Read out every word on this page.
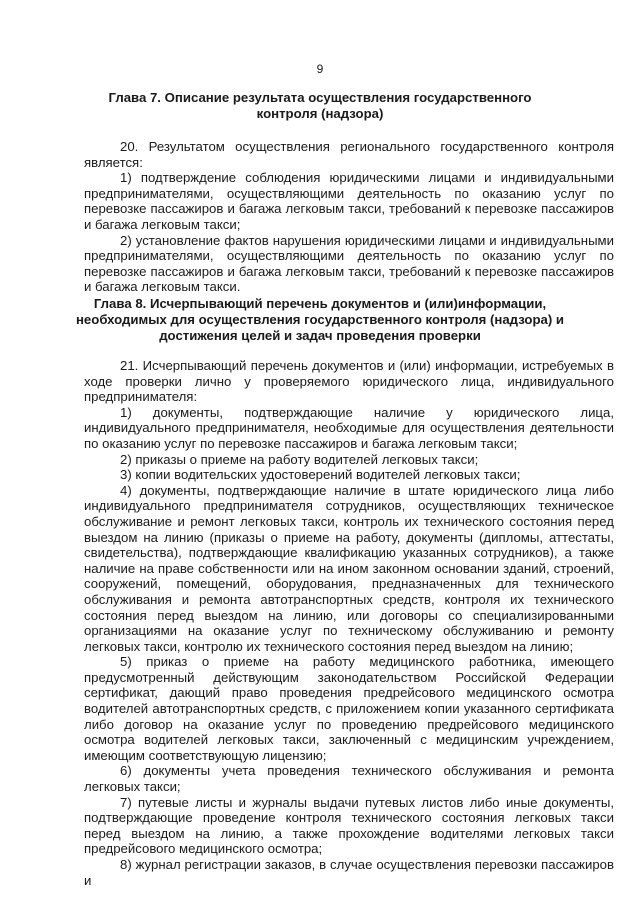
9
Глава 7. Описание результата осуществления государственного
контроля (надзора)

20. Результатом осуществления регионального государственного контроля является:

1) подтверждение соблюдения юридическими лицами и индивидуальными предпринимателями, осуществляющими деятельность по оказанию услуг по перевозке пассажиров и багажа легковым такси, требований к перевозке пассажиров и багажа легковым такси;

2) установление фактов нарушения юридическими лицами и индивидуальными предпринимателями, осуществляющими деятельность по оказанию услуг по перевозке пассажиров и багажа легковым такси, требований к перевозке пассажиров и багажа легковым такси.

Глава 8. Исчерпывающий перечень документов и (или)информации,
необходимых для осуществления государственного контроля (надзора) и
достижения целей и задач проведения проверки

21. Исчерпывающий перечень документов и (или) информации, истребуемых в ходе проверки лично у проверяемого юридического лица, индивидуального предпринимателя:

1) документы, подтверждающие наличие у юридического лица, индивидуального предпринимателя, необходимые для осуществления деятельности по оказанию услуг по перевозке пассажиров и багажа легковым такси;

2) приказы о приеме на работу водителей легковых такси;

3) копии водительских удостоверений водителей легковых такси;

4) документы, подтверждающие наличие в штате юридического лица либо индивидуального предпринимателя сотрудников, осуществляющих техническое обслуживание и ремонт легковых такси, контроль их технического состояния перед выездом на линию (приказы о приеме на работу, документы (дипломы, аттестаты, свидетельства), подтверждающие квалификацию указанных сотрудников), а также наличие на праве собственности или на ином законном основании зданий, строений, сооружений, помещений, оборудования, предназначенных для технического обслуживания и ремонта автотранспортных средств, контроля их технического состояния перед выездом на линию, или договоры со специализированными организациями на оказание услуг по техническому обслуживанию и ремонту легковых такси, контролю их технического состояния перед выездом на линию;

5) приказ о приеме на работу медицинского работника, имеющего предусмотренный действующим законодательством Российской Федерации сертификат, дающий право проведения предрейсового медицинского осмотра водителей автотранспортных средств, с приложением копии указанного сертификата либо договор на оказание услуг по проведению предрейсового медицинского осмотра водителей легковых такси, заключенный с медицинским учреждением, имеющим соответствующую лицензию;

6) документы учета проведения технического обслуживания и ремонта легковых такси;

7) путевые листы и журналы выдачи путевых листов либо иные документы, подтверждающие проведение контроля технического состояния легковых такси перед выездом на линию, а также прохождение водителями легковых такси предрейсового медицинского осмотра;

8) журнал регистрации заказов, в случае осуществления перевозки пассажиров и
